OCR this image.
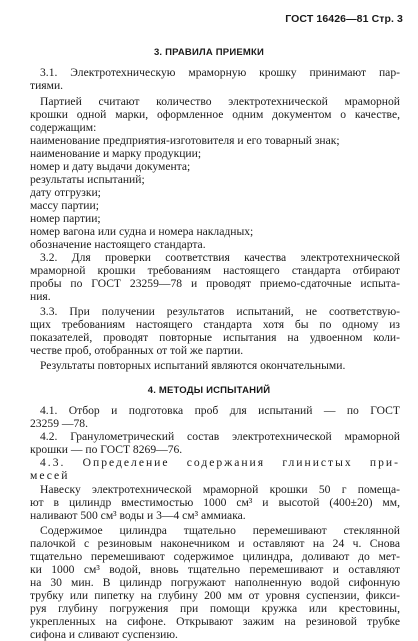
ГОСТ 16426—81 Стр. 3
3. ПРАВИЛА ПРИЕМКИ
3.1. Электротехническую мраморную крошку принимают пар-
тиями.
Партией считают количество электротехнической мраморной
крошки одной марки, оформленное одним документом о качестве,
содержащим:
наименование предприятия-изготовителя и его товарный знак;
наименование и марку продукции;
номер и дату выдачи документа;
результаты испытаний;
дату отгрузки;
массу партии;
номер партии;
номер вагона или судна и номера накладных;
обозначение настоящего стандарта.
3.2. Для проверки соответствия качества электротехнической
мраморной крошки требованиям настоящего стандарта отбирают
пробы по ГОСТ 23259—78 и проводят приемо-сдаточные испыта-
ния.
3.3. При получении результатов испытаний, не соответствую-
щих требованиям настоящего стандарта хотя бы по одному из
показателей, проводят повторные испытания на удвоенном коли-
честве проб, отобранных от той же партии.
Результаты повторных испытаний являются окончательными.
4. МЕТОДЫ ИСПЫТАНИЙ
4.1. Отбор и подготовка проб для испытаний — по ГОСТ
23259 —78.
4.2. Гранулометрический состав электротехнической мраморной
крошки — по ГОСТ 8269—76.
4.3. Определение содержания глинистых при-
месей
Навеску электротехнической мраморной крошки 50 г помеща-
ют в цилиндр вместимостью 1000 см³ и высотой (400±20) мм,
наливают 500 см³ воды и 3—4 см³ аммиака.
Содержимое цилиндра тщательно перемешивают стеклянной
палочкой с резиновым наконечником и оставляют на 24 ч. Снова
тщательно перемешивают содержимое цилиндра, доливают до мет-
ки 1000 см³ водой, вновь тщательно перемешивают и оставляют
на 30 мин. В цилиндр погружают наполненную водой сифонную
трубку или пипетку на глубину 200 мм от уровня суспензии, фикси-
руя глубину погружения при помощи кружка или крестовины,
укрепленных на сифоне. Открывают зажим на резиновой трубке
сифона и сливают суспензию.
